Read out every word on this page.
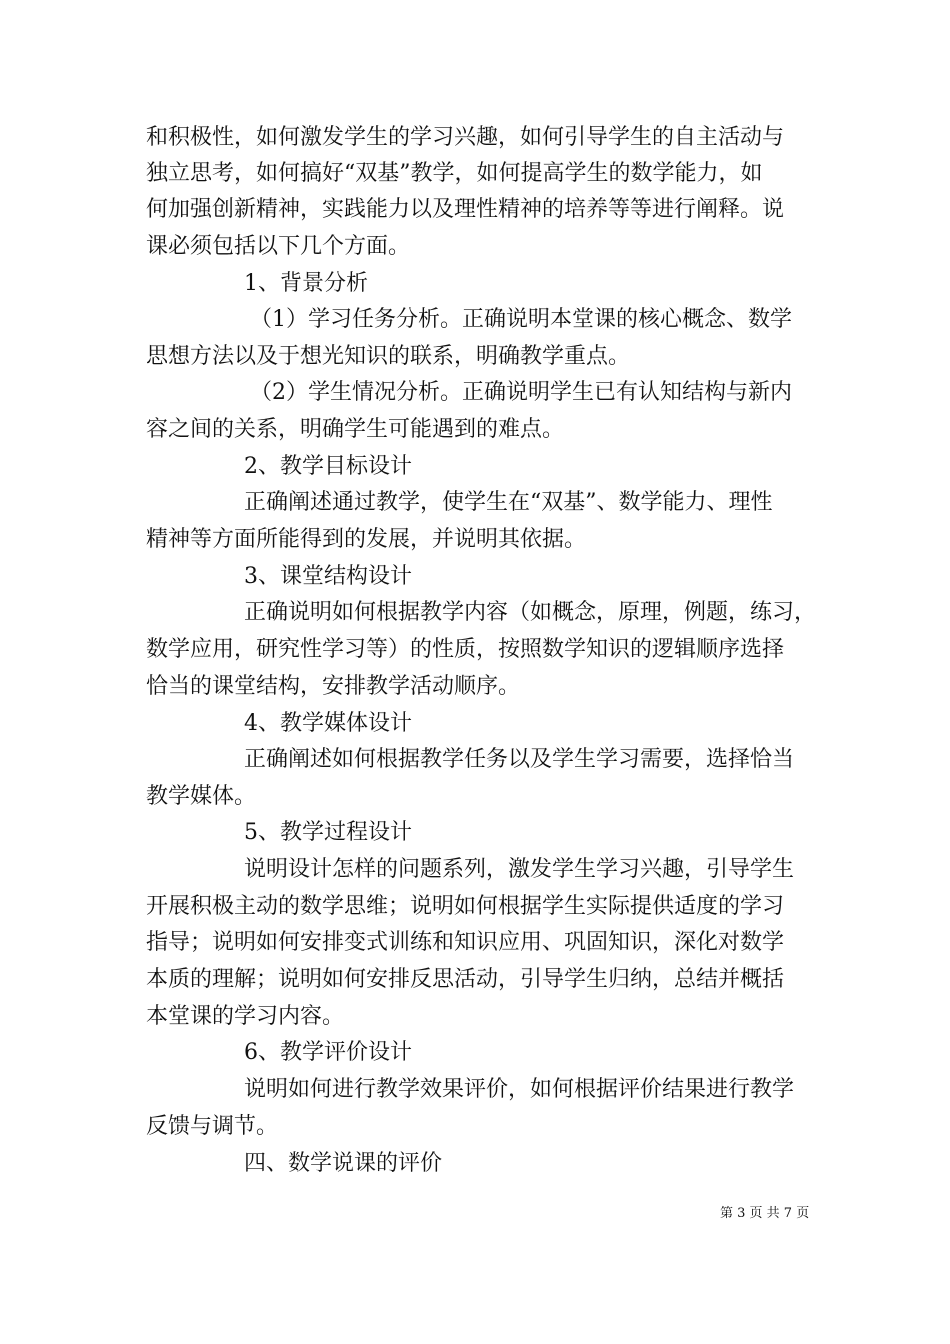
和积极性，如何激发学生的学习兴趣，如何引导学生的自主活动与
独立思考，如何搞好“双基”教学，如何提高学生的数学能力，如
何加强创新精神，实践能力以及理性精神的培养等等进行阐释。说
课必须包括以下几个方面。
1、背景分析
（1）学习任务分析。正确说明本堂课的核心概念、数学
思想方法以及于想光知识的联系，明确教学重点。
（2）学生情况分析。正确说明学生已有认知结构与新内
容之间的关系，明确学生可能遇到的难点。
2、教学目标设计
正确阐述通过教学，使学生在“双基”、数学能力、理性
精神等方面所能得到的发展，并说明其依据。
3、课堂结构设计
正确说明如何根据教学内容（如概念，原理，例题，练习，
数学应用，研究性学习等）的性质，按照数学知识的逻辑顺序选择
恰当的课堂结构，安排教学活动顺序。
4、教学媒体设计
正确阐述如何根据教学任务以及学生学习需要，选择恰当
教学媒体。
5、教学过程设计
说明设计怎样的问题系列，激发学生学习兴趣，引导学生
开展积极主动的数学思维；说明如何根据学生实际提供适度的学习
指导；说明如何安排变式训练和知识应用、巩固知识，深化对数学
本质的理解；说明如何安排反思活动，引导学生归纳，总结并概括
本堂课的学习内容。
6、教学评价设计
说明如何进行教学效果评价，如何根据评价结果进行教学
反馈与调节。
四、数学说课的评价
第 3 页 共 7 页
